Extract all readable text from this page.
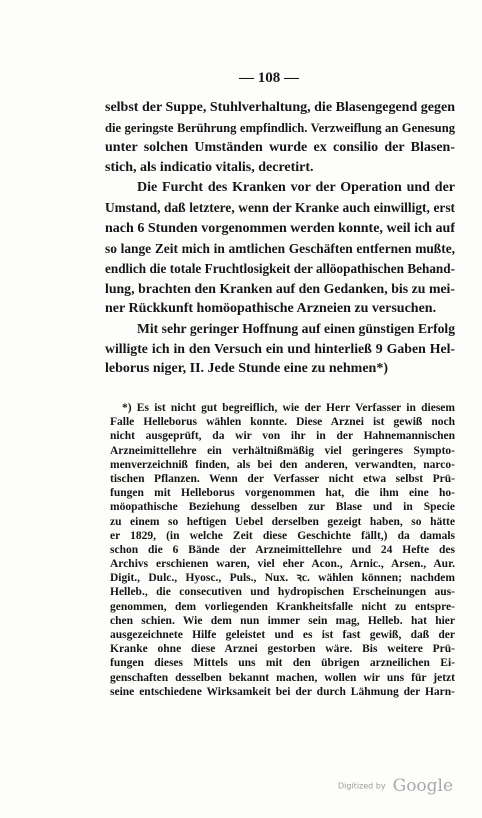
— 108 —
selbst der Suppe, Stuhlverhaltung, die Blasengegend gegen
die geringste Berührung empfindlich. Verzweiflung an Genesung
unter solchen Umständen wurde ex consilio der Blasen-
stich, als indicatio vitalis, decretirt.
Die Furcht des Kranken vor der Operation und der
Umstand, daß letztere, wenn der Kranke auch einwilligt, erst
nach 6 Stunden vorgenommen werden konnte, weil ich auf
so lange Zeit mich in amtlichen Geschäften entfernen mußte,
endlich die totale Fruchtlosigkeit der allöopathischen Behand-
lung, brachten den Kranken auf den Gedanken, bis zu mei-
ner Rückkunft homöopathische Arzneien zu versuchen.
Mit sehr geringer Hoffnung auf einen günstigen Erfolg
willigte ich in den Versuch ein und hinterließ 9 Gaben Hel-
leborus niger, II. Jede Stunde eine zu nehmen*)
*) Es ist nicht gut begreiflich, wie der Herr Verfasser in diesem
Falle Helleborus wählen konnte. Diese Arznei ist gewiß noch
nicht ausgeprüft, da wir von ihr in der Hahnemannischen
Arzneimittellehre ein verhältnißmäßig viel geringeres Sympto-
menverzeichniß finden, als bei den anderen, verwandten, narco-
tischen Pflanzen. Wenn der Verfasser nicht etwa selbst Prü-
fungen mit Helleborus vorgenommen hat, die ihm eine ho-
möopathische Beziehung desselben zur Blase und in Specie
zu einem so heftigen Uebel derselben gezeigt haben, so hätte
er 1829, (in welche Zeit diese Geschichte fällt,) da damals
schon die 6 Bände der Arzneimittellehre und 24 Hefte des
Archivs erschienen waren, viel eher Acon., Arnic., Arsen., Aur.
Digit., Dulc., Hyosc., Puls., Nux. ꝛc. wählen können; nachdem
Helleb., die consecutiven und hydropischen Erscheinungen aus-
genommen, dem vorliegenden Krankheitsfalle nicht zu entspre-
chen schien. Wie dem nun immer sein mag, Helleb. hat hier
ausgezeichnete Hilfe geleistet und es ist fast gewiß, daß der
Kranke ohne diese Arznei gestorben wäre. Bis weitere Prü-
fungen dieses Mittels uns mit den übrigen arzneilichen Ei-
genschaften desselben bekannt machen, wollen wir uns für jetzt
seine entschiedene Wirksamkeit bei der durch Lähmung der Harn-
Digitized by Google
